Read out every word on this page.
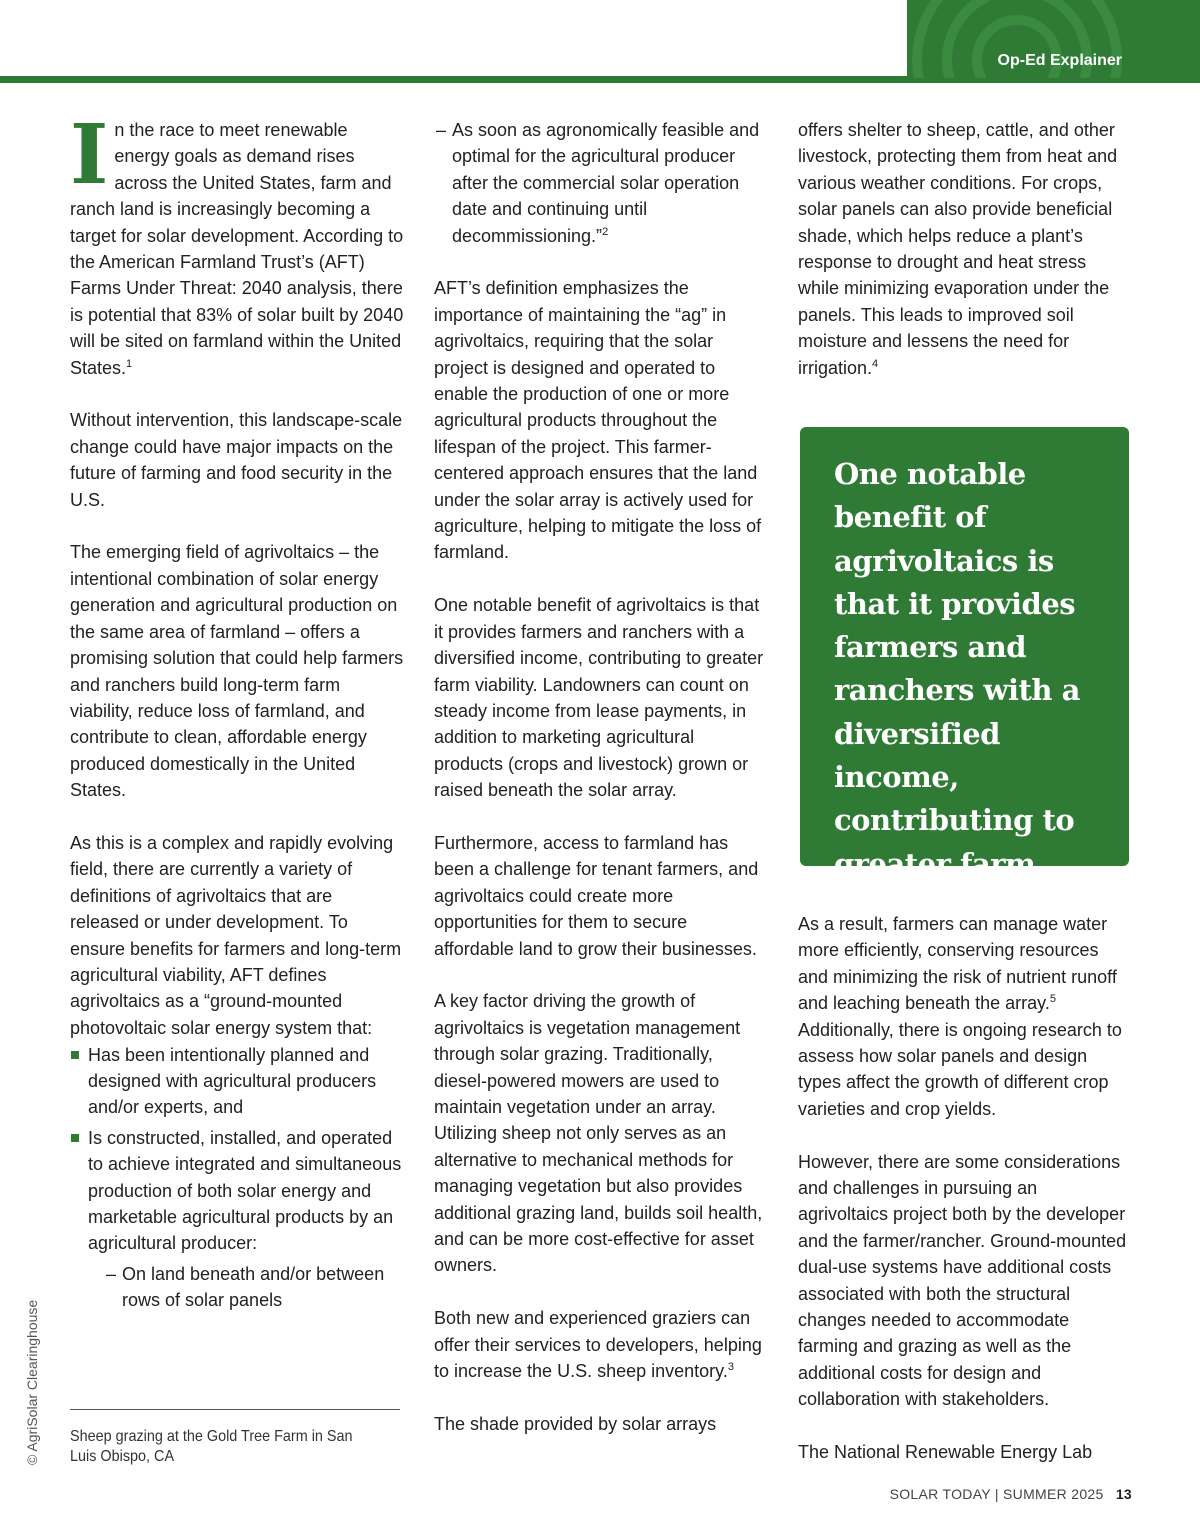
Op-Ed Explainer

In the race to meet renewable energy goals as demand rises across the United States, farm and ranch land is increasingly becoming a target for solar development. According to the American Farmland Trust’s (AFT) Farms Under Threat: 2040 analysis, there is potential that 83% of solar built by 2040 will be sited on farmland within the United States.$^1$

Without intervention, this landscape-scale change could have major impacts on the future of farming and food security in the U.S.

The emerging field of agrivoltaics – the intentional combination of solar energy generation and agricultural production on the same area of farmland – offers a promising solution that could help farmers and ranchers build long-term farm viability, reduce loss of farmland, and contribute to clean, affordable energy produced domestically in the United States.

As this is a complex and rapidly evolving field, there are currently a variety of definitions of agrivoltaics that are released or under development. To ensure benefits for farmers and long-term agricultural viability, AFT defines agrivoltaics as a “ground-mounted photovoltaic solar energy system that:

Has been intentionally planned and designed with agricultural producers and/or experts, and
Is constructed, installed, and operated to achieve integrated and simultaneous production of both solar energy and marketable agricultural products by an agricultural producer:
– On land beneath and/or between rows of solar panels
Sheep grazing at the Gold Tree Farm in San Luis Obispo, CA
© AgriSolar Clearinghouse
– As soon as agronomically feasible and optimal for the agricultural producer after the commercial solar operation date and continuing until decommissioning.”$^2$

AFT’s definition emphasizes the importance of maintaining the “ag” in agrivoltaics, requiring that the solar project is designed and operated to enable the production of one or more agricultural products throughout the lifespan of the project. This farmer-centered approach ensures that the land under the solar array is actively used for agriculture, helping to mitigate the loss of farmland.

One notable benefit of agrivoltaics is that it provides farmers and ranchers with a diversified income, contributing to greater farm viability. Landowners can count on steady income from lease payments, in addition to marketing agricultural products (crops and livestock) grown or raised beneath the solar array.

Furthermore, access to farmland has been a challenge for tenant farmers, and agrivoltaics could create more opportunities for them to secure affordable land to grow their businesses.

A key factor driving the growth of agrivoltaics is vegetation management through solar grazing. Traditionally, diesel-powered mowers are used to maintain vegetation under an array. Utilizing sheep not only serves as an alternative to mechanical methods for managing vegetation but also provides additional grazing land, builds soil health, and can be more cost-effective for asset owners.

Both new and experienced graziers can offer their services to developers, helping to increase the U.S. sheep inventory.$^3$

The shade provided by solar arrays

offers shelter to sheep, cattle, and other livestock, protecting them from heat and various weather conditions. For crops, solar panels can also provide beneficial shade, which helps reduce a plant’s response to drought and heat stress while minimizing evaporation under the panels. This leads to improved soil moisture and lessens the need for irrigation.$^4$

One notable benefit of agrivoltaics is that it provides farmers and ranchers with a diversified income, contributing to greater farm viability.

As a result, farmers can manage water more efficiently, conserving resources and minimizing the risk of nutrient runoff and leaching beneath the array.$^5$ Additionally, there is ongoing research to assess how solar panels and design types affect the growth of different crop varieties and crop yields.

However, there are some considerations and challenges in pursuing an agrivoltaics project both by the developer and the farmer/rancher. Ground-mounted dual-use systems have additional costs associated with both the structural changes needed to accommodate farming and grazing as well as the additional costs for design and collaboration with stakeholders.

The National Renewable Energy Lab

SOLAR TODAY | SUMMER 2025 13
